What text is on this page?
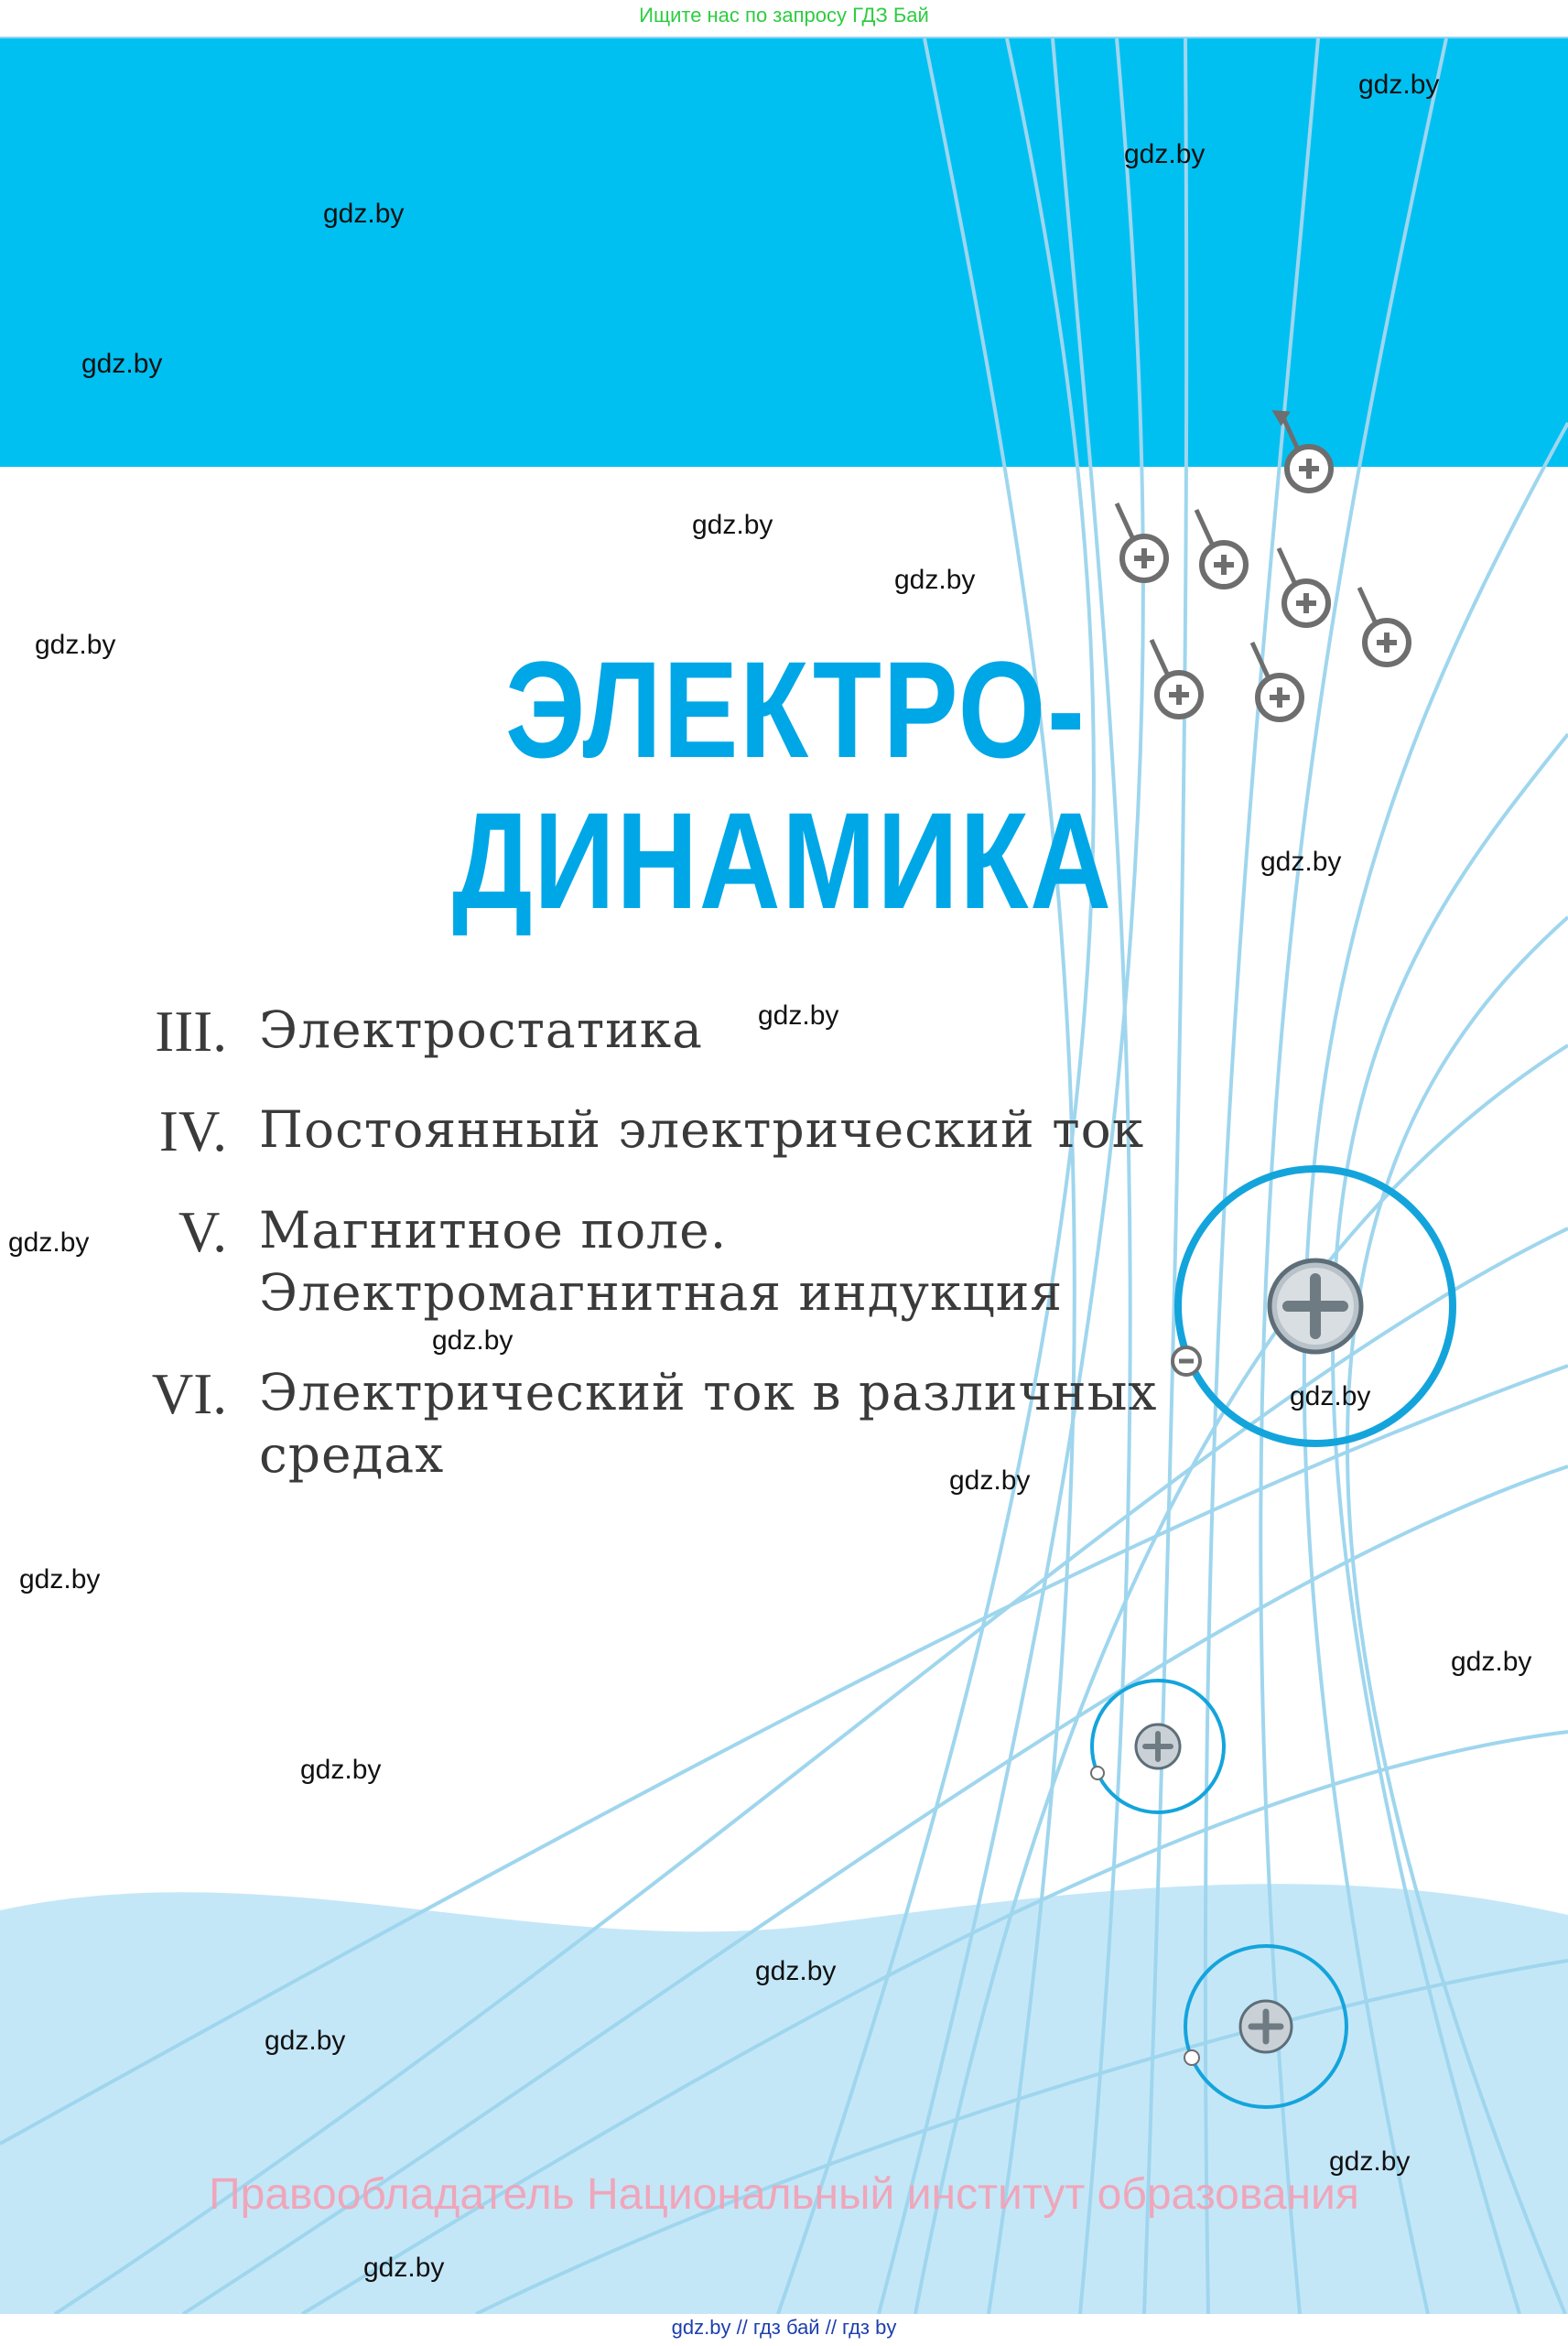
Ищите нас по запросу ГДЗ Бай
ЭЛЕКТРО-
ДИНАМИКА
III. Электростатика
IV. Постоянный электрический ток
V. Магнитное поле.
Электромагнитная индукция
VI. Электрический ток в различных
средах
gdz.by
gdz.by
gdz.by
gdz.by
gdz.by
gdz.by
gdz.by
gdz.by
gdz.by
gdz.by
gdz.by
gdz.by
gdz.by
gdz.by
gdz.by
gdz.by
gdz.by
gdz.by
gdz.by
gdz.by
Правообладатель Национальный институт образования
gdz.by // гдз бай // гдз by
